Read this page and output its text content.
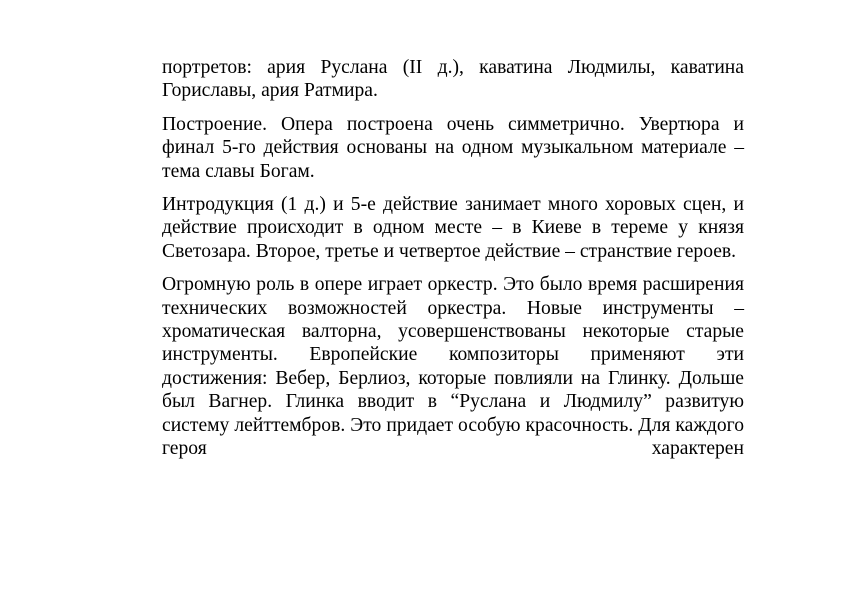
портретов: ария Руслана (II д.), каватина Людмилы, каватина Гориславы, ария Ратмира.

Построение. Опера построена очень симметрично. Увертюра и финал 5-го действия основаны на одном музыкальном материале – тема славы Богам.

Интродукция (1 д.) и 5-е действие занимает много хоровых сцен, и действие происходит в одном месте – в Киеве в тереме у князя Светозара. Второе, третье и четвертое действие – странствие героев.

Огромную роль в опере играет оркестр. Это было время расширения технических возможностей оркестра. Новые инструменты – хроматическая валторна, усовершенствованы некоторые старые инструменты. Европейские композиторы применяют эти достижения: Вебер, Берлиоз, которые повлияли на Глинку. Дольше был Вагнер. Глинка вводит в “Руслана и Людмилу” развитую систему лейттембров. Это придает особую красочность. Для каждого героя характерен
